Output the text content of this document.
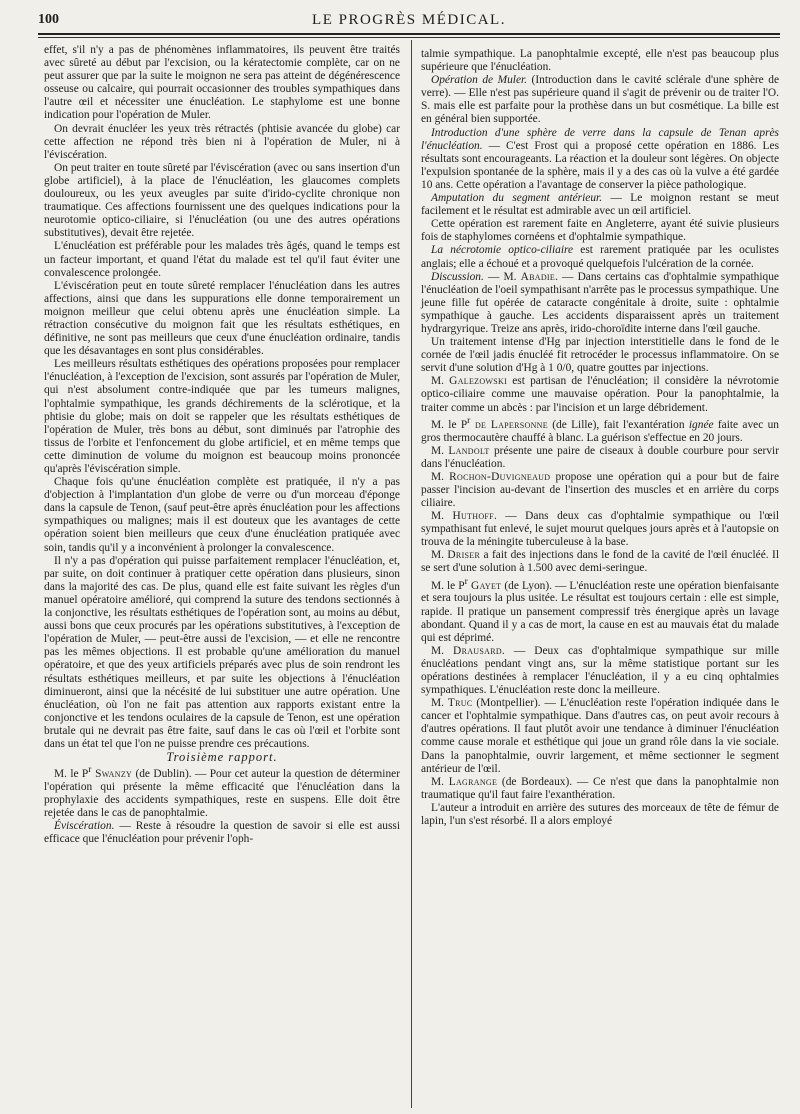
100	LE PROGRÈS MÉDICAL.

effet, s'il n'y a pas de phénomènes inflammatoires, ils peuvent être traités avec sûreté au début par l'excision, ou la kératectomie complète, car on ne peut assurer que par la suite le moignon ne sera pas atteint de dégénérescence osseuse ou calcaire, qui pourrait occasionner des troubles sympathiques dans l'autre œil et nécessiter une énucléation. Le staphylome est une bonne indication pour l'opération de Muler.

On devrait énucléer les yeux très rétractés (phtisie avancée du globe) car cette affection ne répond très bien ni à l'opération de Muler, ni à l'éviscération.

On peut traiter en toute sûreté par l'éviscération (avec ou sans insertion d'un globe artificiel), à la place de l'énucléation, les glaucomes complets douloureux, ou les yeux aveugles par suite d'irido-cyclite chronique non traumatique. Ces affections fournissent une des quelques indications pour la neurotomie optico-ciliaire, si l'énucléation (ou une des autres opérations substitutives), devait être rejetée.

L'énucléation est préférable pour les malades très âgés, quand le temps est un facteur important, et quand l'état du malade est tel qu'il faut éviter une convalescence prolongée.

L'éviscération peut en toute sûreté remplacer l'énucléation dans les autres affections, ainsi que dans les suppurations elle donne temporairement un moignon meilleur que celui obtenu après une énucléation simple. La rétraction consécutive du moignon fait que les résultats esthétiques, en définitive, ne sont pas meilleurs que ceux d'une énucléation ordinaire, tandis que les désavantages en sont plus considérables.

Les meilleurs résultats esthétiques des opérations proposées pour remplacer l'énucléation, à l'exception de l'excision, sont assurés par l'opération de Muler, qui n'est absolument contre-indiquée que par les tumeurs malignes, l'ophtalmie sympathique, les grands déchirements de la sclérotique, et la phtisie du globe; mais on doit se rappeler que les résultats esthétiques de l'opération de Muler, très bons au début, sont diminués par l'atrophie des tissus de l'orbite et l'enfoncement du globe artificiel, et en même temps que cette diminution de volume du moignon est beaucoup moins prononcée qu'après l'éviscération simple.

Chaque fois qu'une énucléation complète est pratiquée, il n'y a pas d'objection à l'implantation d'un globe de verre ou d'un morceau d'éponge dans la capsule de Tenon, (sauf peut-être après énucléation pour les affections sympathiques ou malignes; mais il est douteux que les avantages de cette opération soient bien meilleurs que ceux d'une énucléation pratiquée avec soin, tandis qu'il y a inconvénient à prolonger la convalescence.

Il n'y a pas d'opération qui puisse parfaitement remplacer l'énucléation, et, par suite, on doit continuer à pratiquer cette opération dans plusieurs, sinon dans la majorité des cas. De plus, quand elle est faite suivant les règles d'un manuel opératoire amélioré, qui comprend la suture des tendons sectionnés à la conjonctive, les résultats esthétiques de l'opération sont, au moins au début, aussi bons que ceux procurés par les opérations substitutives, à l'exception de l'opération de Muler, — peut-être aussi de l'excision, — et elle ne rencontre pas les mêmes objections. Il est probable qu'une amélioration du manuel opératoire, et que des yeux artificiels préparés avec plus de soin rendront les résultats esthétiques meilleurs, et par suite les objections à l'énucléation diminueront, ainsi que la nécésité de lui substituer une autre opération. Une énucléation, où l'on ne fait pas attention aux rapports existant entre la conjonctive et les tendons oculaires de la capsule de Tenon, est une opération brutale qui ne devrait pas être faite, sauf dans le cas où l'œil et l'orbite sont dans un état tel que l'on ne puisse prendre ces précautions.

Troisième rapport.

M. le $P^r$ Swanzy (de Dublin). — Pour cet auteur la question de déterminer l'opération qui présente la même efficacité que l'énucléation dans la prophylaxie des accidents sympathiques, reste en suspens. Elle doit être rejetée dans le cas de panophtalmie.

Éviscération. — Reste à résoudre la question de savoir si elle est aussi efficace que l'énucléation pour prévenir l'oph-

talmie sympathique. La panophtalmie excepté, elle n'est pas beaucoup plus supérieure que l'énucléation.

Opération de Muler. (Introduction dans le cavité sclérale d'une sphère de verre). — Elle n'est pas supérieure quand il s'agit de prévenir ou de traiter l'O. S. mais elle est parfaite pour la prothèse dans un but cosmétique. La bille est en général bien supportée.

Introduction d'une sphère de verre dans la capsule de Tenan après l'énucléation. — C'est Frost qui a proposé cette opération en 1886. Les résultats sont encourageants. La réaction et la douleur sont légères. On objecte l'expulsion spontanée de la sphère, mais il y a des cas où la vulve a été gardée 10 ans. Cette opération a l'avantage de conserver la pièce pathologique.

Amputation du segment antérieur. — Le moignon restant se meut facilement et le résultat est admirable avec un œil artificiel.

Cette opération est rarement faite en Angleterre, ayant été suivie plusieurs fois de staphylomes cornéens et d'ophtalmie sympathique.

La nécrotomie optico-ciliaire est rarement pratiquée par les oculistes anglais; elle a échoué et a provoqué quelquefois l'ulcération de la cornée.

Discussion. — M. Abadie. — Dans certains cas d'ophtalmie sympathique l'énucléation de l'oeil sympathisant n'arrête pas le processus sympathique. Une jeune fille fut opérée de cataracte congénitale à droite, suite : ophtalmie sympathique à gauche. Les accidents disparaissent après un traitement hydrargyrique. Treize ans après, irido-choroïdite interne dans l'œil gauche.

Un traitement intense d'Hg par injection interstitielle dans le fond de le cornée de l'œil jadis énucléé fit retrocéder le processus inflammatoire. On se servit d'une solution d'Hg à 1 0/0, quatre gouttes par injections.

M. Galezowski est partisan de l'énucléation; il considère la névrotomie optico-ciliaire comme une mauvaise opération. Pour la panophtalmie, la traiter comme un abcès : par l'incision et un large débridement.

M. le $P^r$ de Lapersonne (de Lille), fait l'exantération ignée faite avec un gros thermocautère chauffé à blanc. La guérison s'effectue en 20 jours.

M. Landolt présente une paire de ciseaux à double courbure pour servir dans l'énucléation.

M. Rochon-Duvigneaud propose une opération qui a pour but de faire passer l'incision au-devant de l'insertion des muscles et en arrière du corps ciliaire.

M. Huthoff. — Dans deux cas d'ophtalmie sympathique ou l'œil sympathisant fut enlevé, le sujet mourut quelques jours après et à l'autopsie on trouva de la méningite tuberculeuse à la base.

M. Driser a fait des injections dans le fond de la cavité de l'œil énucléé. Il se sert d'une solution à 1.500 avec demi-seringue.

M. le $P^r$ Gayet (de Lyon). — L'énucléation reste une opération bienfaisante et sera toujours la plus usitée. Le résultat est toujours certain : elle est simple, rapide. Il pratique un pansement compressif très énergique après un lavage abondant. Quand il y a cas de mort, la cause en est au mauvais état du malade qui est déprimé.

M. Drausard. — Deux cas d'ophtalmique sympathique sur mille énucléations pendant vingt ans, sur la même statistique portant sur les opérations destinées à remplacer l'énucléation, il y a eu cinq ophtalmies sympathiques. L'énucléation reste donc la meilleure.

M. Truc (Montpellier). — L'énucléation reste l'opération indiquée dans le cancer et l'ophtalmie sympathique. Dans d'autres cas, on peut avoir recours à d'autres opérations. Il faut plutôt avoir une tendance à diminuer l'énucléation comme cause morale et esthétique qui joue un grand rôle dans la vie sociale. Dans la panophtalmie, ouvrir largement, et même sectionner le segment antérieur de l'œil.

M. Lagrange (de Bordeaux). — Ce n'est que dans la panophtalmie non traumatique qu'il faut faire l'exanthération.

L'auteur a introduit en arrière des sutures des morceaux de tête de fémur de lapin, l'un s'est résorbé. Il a alors employé
